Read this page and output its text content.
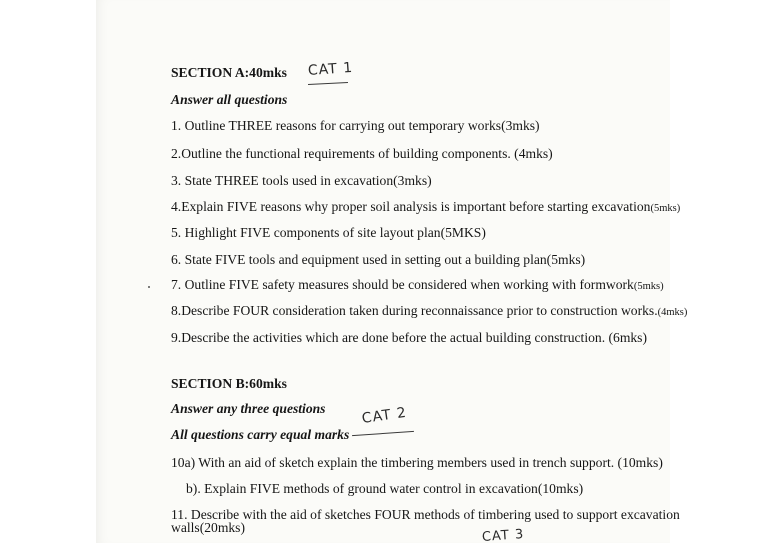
SECTION A:40mks CAT 1
Answer all questions
1. Outline THREE reasons for carrying out temporary works(3mks)
2.Outline the functional requirements of building components. (4mks)
3. State THREE tools used in excavation(3mks)
4.Explain FIVE reasons why proper soil analysis is important before starting excavation(5mks)
5. Highlight FIVE components of site layout plan(5MKS)
6. State FIVE tools and equipment used in setting out a building plan(5mks)
7. Outline FIVE safety measures should be considered when working with formwork(5mks)
8.Describe FOUR consideration taken during reconnaissance prior to construction works.(4mks)
9.Describe the activities which are done before the actual building construction. (6mks)
SECTION B:60mks
Answer any three questions
All questions carry equal marks
CAT 2
10a) With an aid of sketch explain the timbering members used in trench support. (10mks)
b). Explain FIVE methods of ground water control in excavation(10mks)
11. Describe with the aid of sketches FOUR methods of timbering used to support excavation
walls(20mks)	CAT 3
